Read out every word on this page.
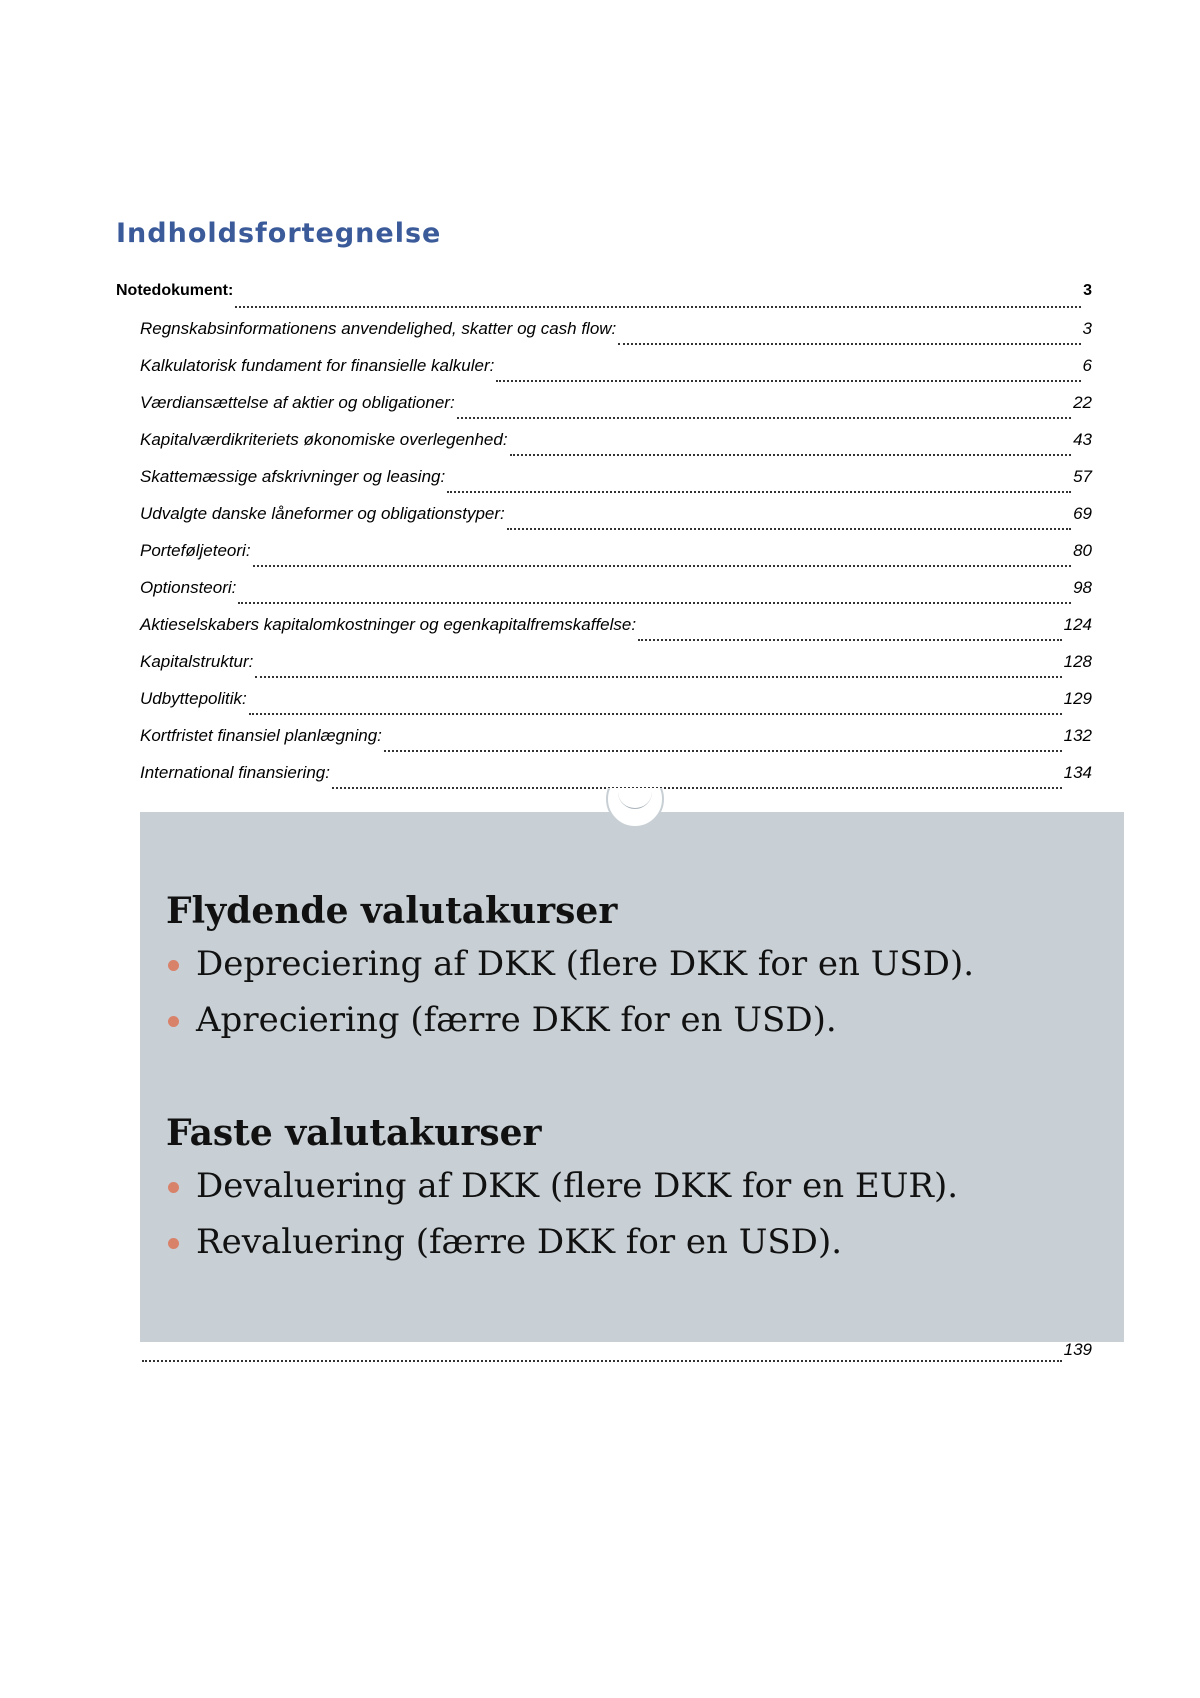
Indholdsfortegnelse
Notedokument:	3
Regnskabsinformationens anvendelighed, skatter og cash flow:	3
Kalkulatorisk fundament for finansielle kalkuler:	6
Værdiansættelse af aktier og obligationer:	22
Kapitalværdikriteriets økonomiske overlegenhed:	43
Skattemæssige afskrivninger og leasing:	57
Udvalgte danske låneformer og obligationstyper:	69
Porteføljeteori:	80
Optionsteori:	98
Aktieselskabers kapitalomkostninger og egenkapitalfremskaffelse:	124
Kapitalstruktur:	128
Udbyttepolitik:	129
Kortfristet finansiel planlægning:	132
International finansiering:	134
Flydende valutakurser
Depreciering af DKK (flere DKK for en USD).
Apreciering (færre DKK for en USD).
Faste valutakurser
Devaluering af DKK (flere DKK for en EUR).
Revaluering (færre DKK for en USD).
139
